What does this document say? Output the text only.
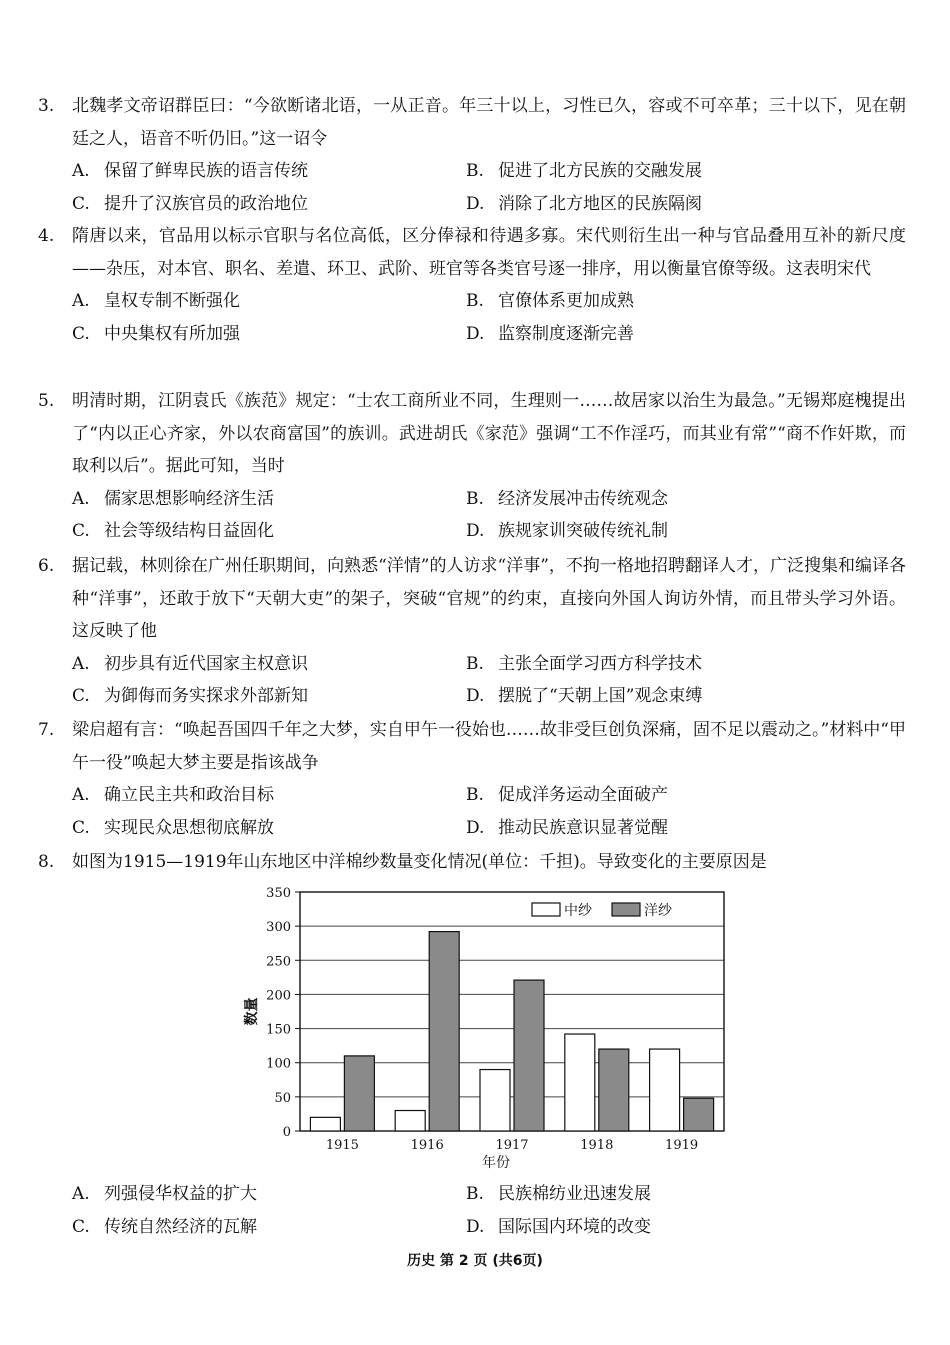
3.	北魏孝文帝诏群臣曰：“今欲断诸北语，一从正音。年三十以上，习性已久，容或不可卒革；三十以下，见在朝廷之人，语音不听仍旧。”这一诏令
A. 保留了鲜卑民族的语言传统	B. 促进了北方民族的交融发展
C. 提升了汉族官员的政治地位	D. 消除了北方地区的民族隔阂
4.	隋唐以来，官品用以标示官职与名位高低，区分俸禄和待遇多寡。宋代则衍生出一种与官品叠用互补的新尺度——杂压，对本官、职名、差遣、环卫、武阶、班官等各类官号逐一排序，用以衡量官僚等级。这表明宋代
A. 皇权专制不断强化	B. 官僚体系更加成熟
C. 中央集权有所加强	D. 监察制度逐渐完善
5.	明清时期，江阴袁氏《族范》规定：“士农工商所业不同，生理则一……故居家以治生为最急。”无锡郑庭槐提出了“内以正心齐家，外以农商富国”的族训。武进胡氏《家范》强调“工不作淫巧，而其业有常”“商不作奸欺，而取利以后”。据此可知，当时
A. 儒家思想影响经济生活	B. 经济发展冲击传统观念
C. 社会等级结构日益固化	D. 族规家训突破传统礼制
6.	据记载，林则徐在广州任职期间，向熟悉“洋情”的人访求“洋事”，不拘一格地招聘翻译人才，广泛搜集和编译各种“洋事”，还敢于放下“天朝大吏”的架子，突破“官规”的约束，直接向外国人询访外情，而且带头学习外语。这反映了他
A. 初步具有近代国家主权意识	B. 主张全面学习西方科学技术
C. 为御侮而务实探求外部新知	D. 摆脱了“天朝上国”观念束缚
7.	梁启超有言：“唤起吾国四千年之大梦，实自甲午一役始也……故非受巨创负深痛，固不足以震动之。”材料中“甲午一役”唤起大梦主要是指该战争
A. 确立民主共和政治目标	B. 促成洋务运动全面破产
C. 实现民众思想彻底解放	D. 推动民族意识显著觉醒
8.	如图为1915—1919年山东地区中洋棉纱数量变化情况(单位：千担)。导致变化的主要原因是
0
50
100
150
200
250
300
350
1915	1916	1917	1918	1919
年份
数量
中纱	洋纱
A. 列强侵华权益的扩大	B. 民族棉纺业迅速发展
C. 传统自然经济的瓦解	D. 国际国内环境的改变
历史 第 2 页 (共6页)
